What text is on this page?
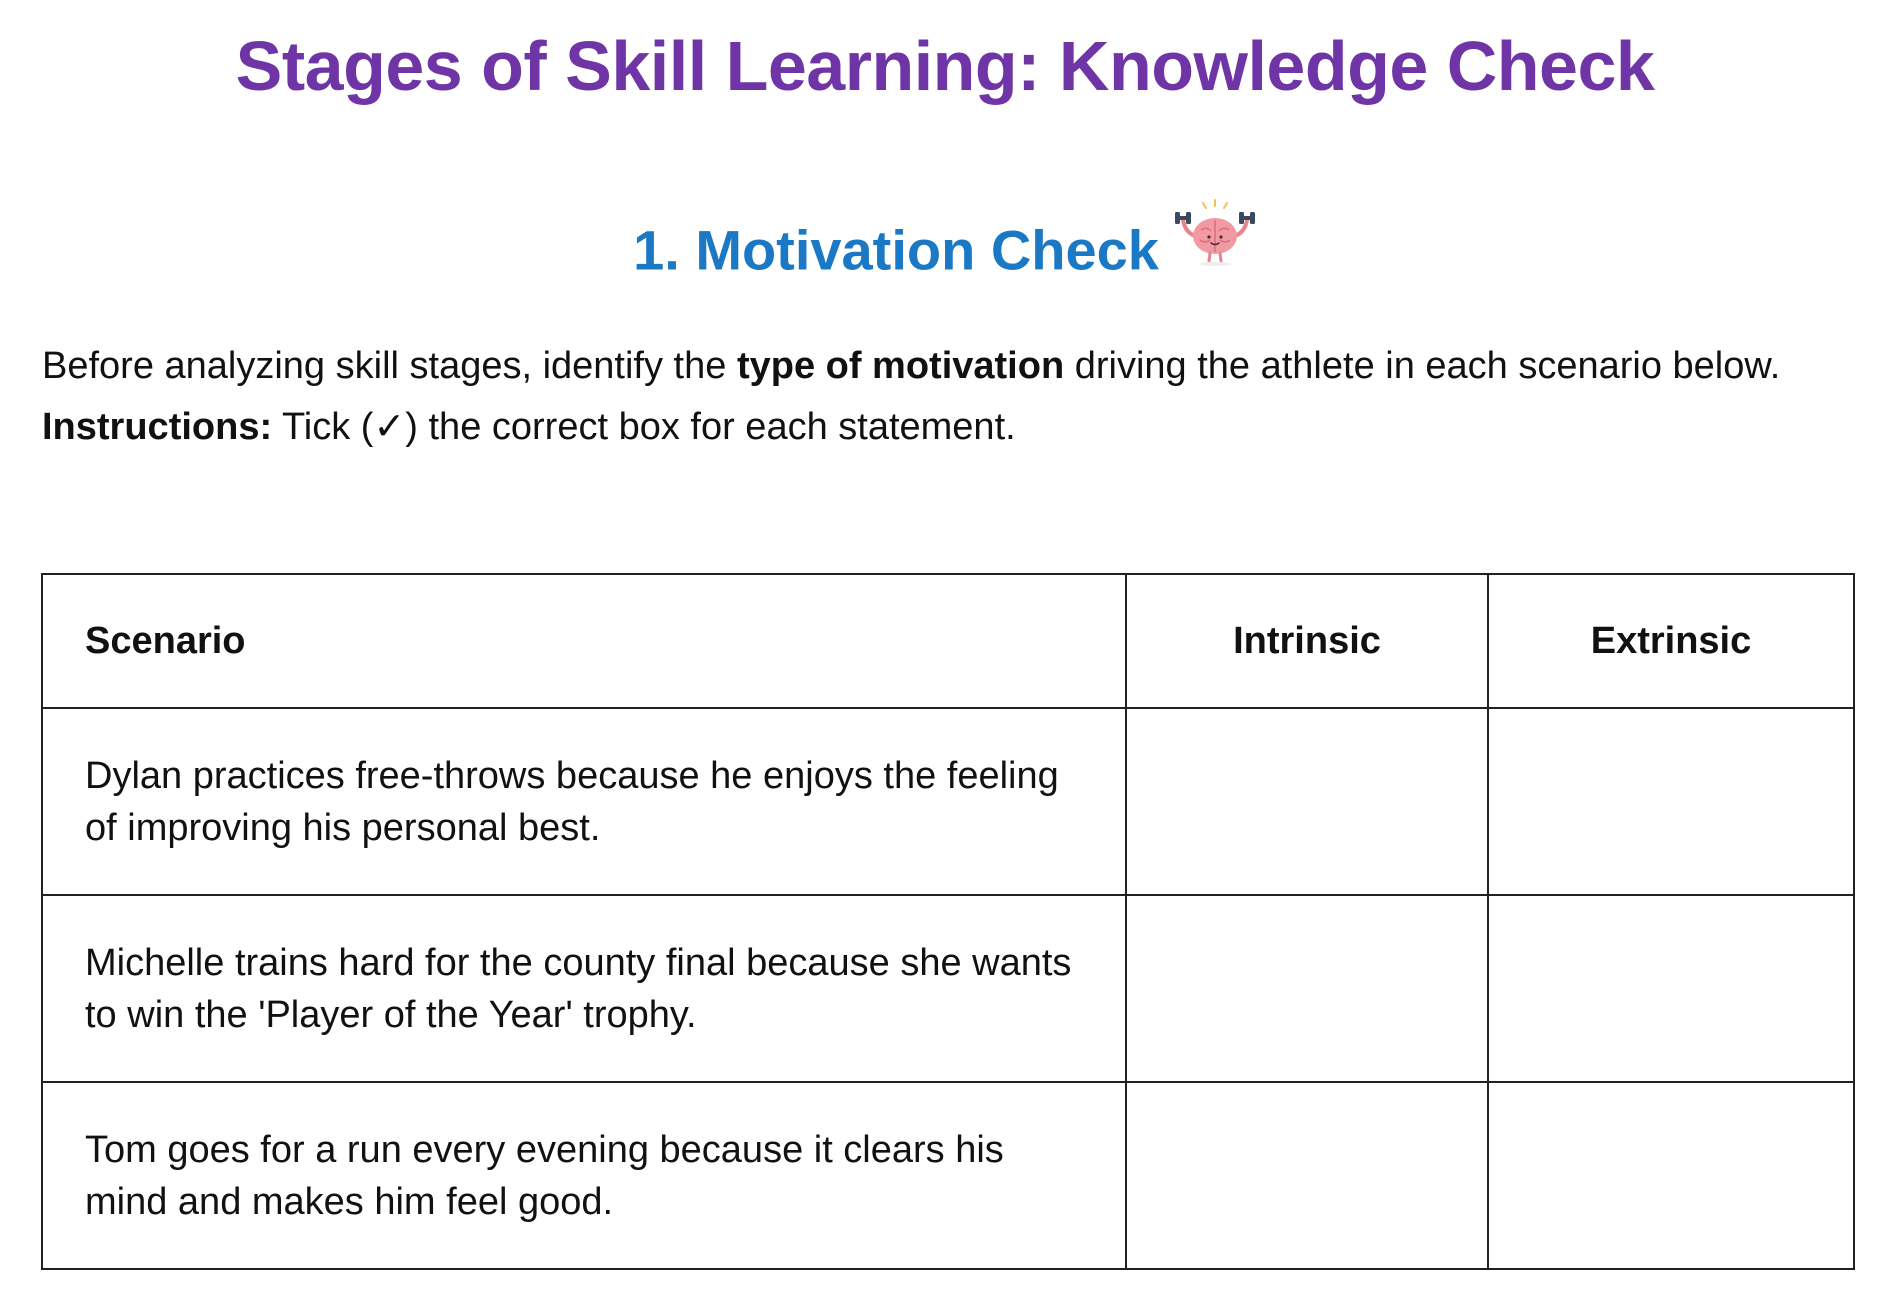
Stages of Skill Learning: Knowledge Check
1. Motivation Check

Before analyzing skill stages, identify the type of motivation driving the athlete in each scenario below.

Instructions: Tick (✓) the correct box for each statement.

Scenario	Intrinsic	Extrinsic
Dylan practices free-throws because he enjoys the feeling of improving his personal best.		
Michelle trains hard for the county final because she wants to win the 'Player of the Year' trophy.		
Tom goes for a run every evening because it clears his mind and makes him feel good.		
